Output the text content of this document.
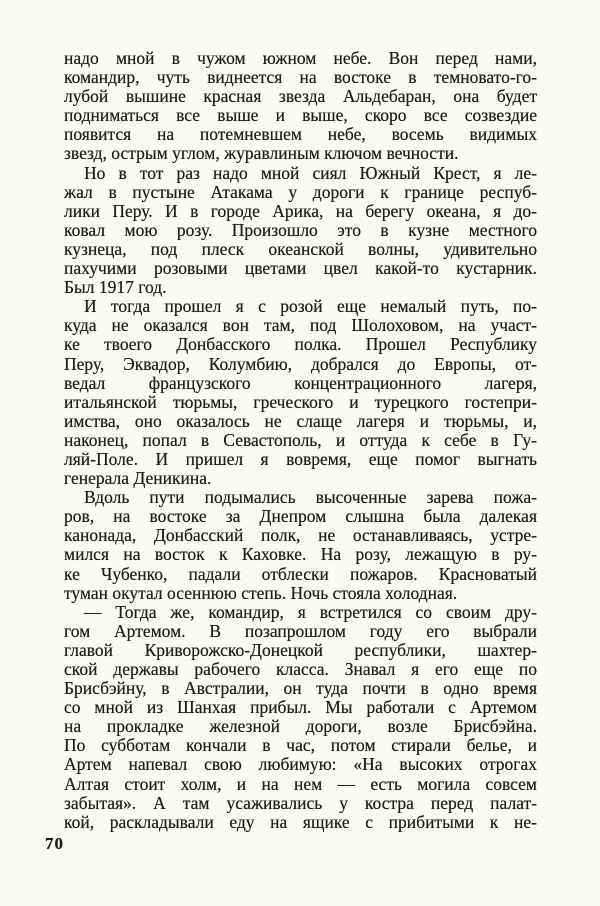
надо мной в чужом южном небе. Вон перед нами,
командир, чуть виднеется на востоке в темновато-го-
лубой вышине красная звезда Альдебаран, она будет
подниматься все выше и выше, скоро все созвездие
появится на потемневшем небе, восемь видимых
звезд, острым углом, журавлиным ключом вечности.
Но в тот раз надо мной сиял Южный Крест, я ле-
жал в пустыне Атакама у дороги к границе респуб-
лики Перу. И в городе Арика, на берегу океана, я до-
ковал мою розу. Произошло это в кузне местного
кузнеца, под плеск океанской волны, удивительно
пахучими розовыми цветами цвел какой-то кустарник.
Был 1917 год.
И тогда прошел я с розой еще немалый путь, по-
куда не оказался вон там, под Шолоховом, на участ-
ке твоего Донбасского полка. Прошел Республику
Перу, Эквадор, Колумбию, добрался до Европы, от-
ведал французского концентрационного лагеря,
итальянской тюрьмы, греческого и турецкого гостепри-
имства, оно оказалось не слаще лагеря и тюрьмы, и,
наконец, попал в Севастополь, и оттуда к себе в Гу-
ляй-Поле. И пришел я вовремя, еще помог выгнать
генерала Деникина.
Вдоль пути подымались высоченные зарева пожа-
ров, на востоке за Днепром слышна была далекая
канонада, Донбасский полк, не останавливаясь, устре-
мился на восток к Каховке. На розу, лежащую в ру-
ке Чубенко, падали отблески пожаров. Красноватый
туман окутал осеннюю степь. Ночь стояла холодная.
— Тогда же, командир, я встретился со своим дру-
гом Артемом. В позапрошлом году его выбрали
главой Криворожско-Донецкой республики, шахтер-
ской державы рабочего класса. Знавал я его еще по
Брисбэйну, в Австралии, он туда почти в одно время
со мной из Шанхая прибыл. Мы работали с Артемом
на прокладке железной дороги, возле Брисбэйна.
По субботам кончали в час, потом стирали белье, и
Артем напевал свою любимую: «На высоких отрогах
Алтая стоит холм, и на нем — есть могила совсем
забытая». А там усаживались у костра перед палат-
кой, раскладывали еду на ящике с прибитыми к не-
70
